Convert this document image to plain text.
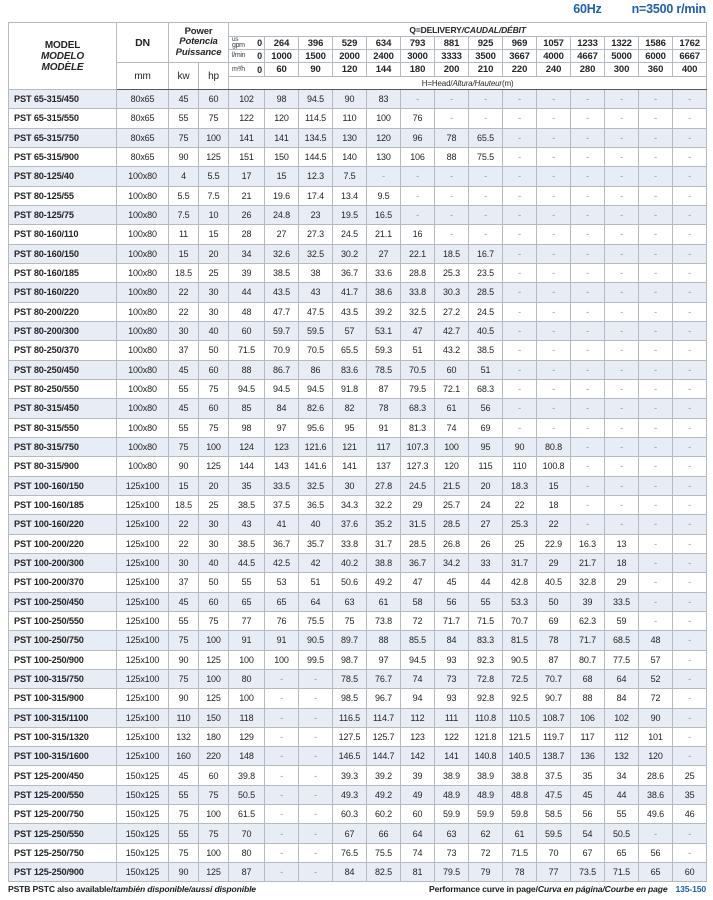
60Hz n=3500 r/min
MODEL
MODELO
MODÈLE
	DN	
Power
Potencia
Puissance
	Q=DELIVERY/CAUDAL/DÉBIT

				us
gpm 0	264	396	529	634	793	881	925	969	1057	1233	1322	1586	1762

				l/min 0	1000	1500	2000	2400	3000	3333	3500	3667	4000	4667	5000	6000	6667
	mm	kw	hp	m³/h 0	60	90	120	144	180	200	210	220	240	280	300	360	400
				H=Head/Altura/Hauteur(m)													
PST 65-315/450	80x65	45	60	102	98	94.5	90	83	-	-	-	-	-	-	-	-	-
PST 65-315/550	80x65	55	75	122	120	114.5	110	100	76	-	-	-	-	-	-	-	-
PST 65-315/750	80x65	75	100	141	141	134.5	130	120	96	78	65.5	-	-	-	-	-	-
PST 65-315/900	80x65	90	125	151	150	144.5	140	130	106	88	75.5	-	-	-	-	-	-
PST 80-125/40	100x80	4	5.5	17	15	12.3	7.5	-	-	-	-	-	-	-	-	-	-
PST 80-125/55	100x80	5.5	7.5	21	19.6	17.4	13.4	9.5	-	-	-	-	-	-	-	-	-
PST 80-125/75	100x80	7.5	10	26	24.8	23	19.5	16.5	-	-	-	-	-	-	-	-	-
PST 80-160/110	100x80	11	15	28	27	27.3	24.5	21.1	16	-	-	-	-	-	-	-	-
PST 80-160/150	100x80	15	20	34	32.6	32.5	30.2	27	22.1	18.5	16.7	-	-	-	-	-	-
PST 80-160/185	100x80	18.5	25	39	38.5	38	36.7	33.6	28.8	25.3	23.5	-	-	-	-	-	-
PST 80-160/220	100x80	22	30	44	43.5	43	41.7	38.6	33.8	30.3	28.5	-	-	-	-	-	-
PST 80-200/220	100x80	22	30	48	47.7	47.5	43.5	39.2	32.5	27.2	24.5	-	-	-	-	-	-
PST 80-200/300	100x80	30	40	60	59.7	59.5	57	53.1	47	42.7	40.5	-	-	-	-	-	-
PST 80-250/370	100x80	37	50	71.5	70.9	70.5	65.5	59.3	51	43.2	38.5	-	-	-	-	-	-
PST 80-250/450	100x80	45	60	88	86.7	86	83.6	78.5	70.5	60	51	-	-	-	-	-	-
PST 80-250/550	100x80	55	75	94.5	94.5	94.5	91.8	87	79.5	72.1	68.3	-	-	-	-	-	-
PST 80-315/450	100x80	45	60	85	84	82.6	82	78	68.3	61	56	-	-	-	-	-	-
PST 80-315/550	100x80	55	75	98	97	95.6	95	91	81.3	74	69	-	-	-	-	-	-
PST 80-315/750	100x80	75	100	124	123	121.6	121	117	107.3	100	95	90	80.8	-	-	-	-
PST 80-315/900	100x80	90	125	144	143	141.6	141	137	127.3	120	115	110	100.8	-	-	-	-
PST 100-160/150	125x100	15	20	35	33.5	32.5	30	27.8	24.5	21.5	20	18.3	15	-	-	-	-
PST 100-160/185	125x100	18.5	25	38.5	37.5	36.5	34.3	32.2	29	25.7	24	22	18	-	-	-	-
PST 100-160/220	125x100	22	30	43	41	40	37.6	35.2	31.5	28.5	27	25.3	22	-	-	-	-
PST 100-200/220	125x100	22	30	38.5	36.7	35.7	33.8	31.7	28.5	26.8	26	25	22.9	16.3	13	-	-
PST 100-200/300	125x100	30	40	44.5	42.5	42	40.2	38.8	36.7	34.2	33	31.7	29	21.7	18	-	-
PST 100-200/370	125x100	37	50	55	53	51	50.6	49.2	47	45	44	42.8	40.5	32.8	29	-	-
PST 100-250/450	125x100	45	60	65	65	64	63	61	58	56	55	53.3	50	39	33.5	-	-
PST 100-250/550	125x100	55	75	77	76	75.5	75	73.8	72	71.7	71.5	70.7	69	62.3	59	-	-
PST 100-250/750	125x100	75	100	91	91	90.5	89.7	88	85.5	84	83.3	81.5	78	71.7	68.5	48	-
PST 100-250/900	125x100	90	125	100	100	99.5	98.7	97	94.5	93	92.3	90.5	87	80.7	77.5	57	-
PST 100-315/750	125x100	75	100	80	-	-	78.5	76.7	74	73	72.8	72.5	70.7	68	64	52	-
PST 100-315/900	125x100	90	125	100	-	-	98.5	96.7	94	93	92.8	92.5	90.7	88	84	72	-
PST 100-315/1100	125x100	110	150	118	-	-	116.5	114.7	112	111	110.8	110.5	108.7	106	102	90	-
PST 100-315/1320	125x100	132	180	129	-	-	127.5	125.7	123	122	121.8	121.5	119.7	117	112	101	-
PST 100-315/1600	125x100	160	220	148	-	-	146.5	144.7	142	141	140.8	140.5	138.7	136	132	120	-
PST 125-200/450	150x125	45	60	39.8	-	-	39.3	39.2	39	38.9	38.9	38.8	37.5	35	34	28.6	25
PST 125-200/550	150x125	55	75	50.5	-	-	49.3	49.2	49	48.9	48.9	48.8	47.5	45	44	38.6	35
PST 125-200/750	150x125	75	100	61.5	-	-	60.3	60.2	60	59.9	59.9	59.8	58.5	56	55	49.6	46
PST 125-250/550	150x125	55	75	70	-	-	67	66	64	63	62	61	59.5	54	50.5	-	-
PST 125-250/750	150x125	75	100	80	-	-	76.5	75.5	74	73	72	71.5	70	67	65	56	-
PST 125-250/900	150x125	90	125	87	-	-	84	82.5	81	79.5	79	78	77	73.5	71.5	65	60
PSTB PSTC also available/también disponible/aussi disponible	Performance curve in page/Curva en página/Courbe en page 135-150
